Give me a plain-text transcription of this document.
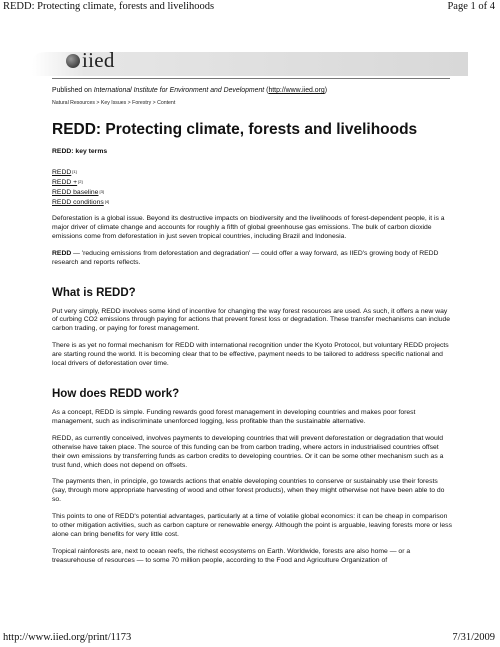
REDD: Protecting climate, forests and livelihoods	Page 1 of 4
iied

Published on International Institute for Environment and Development (http://www.iied.org)

Natural Resources > Key Issues > Forestry > Content
REDD: Protecting climate, forests and livelihoods
REDD: key terms
REDD[1]
REDD +[2]
REDD baseline[3]
REDD conditions[4]

Deforestation is a global issue. Beyond its destructive impacts on biodiversity and the livelihoods of forest-dependent people, it is a major driver of climate change and accounts for roughly a fifth of global greenhouse gas emissions. The bulk of carbon dioxide emissions come from deforestation in just seven tropical countries, including Brazil and Indonesia.

REDD — 'reducing emissions from deforestation and degradation' — could offer a way forward, as IIED's growing body of REDD research and reports reflects.

What is REDD?

Put very simply, REDD involves some kind of incentive for changing the way forest resources are used. As such, it offers a new way of curbing CO2 emissions through paying for actions that prevent forest loss or degradation. These transfer mechanisms can include carbon trading, or paying for forest management.

There is as yet no formal mechanism for REDD with international recognition under the Kyoto Protocol, but voluntary REDD projects are starting round the world. It is becoming clear that to be effective, payment needs to be tailored to address specific national and local drivers of deforestation over time.

How does REDD work?

As a concept, REDD is simple. Funding rewards good forest management in developing countries and makes poor forest management, such as indiscriminate unenforced logging, less profitable than the sustainable alternative.

REDD, as currently conceived, involves payments to developing countries that will prevent deforestation or degradation that would otherwise have taken place. The source of this funding can be from carbon trading, where actors in industrialised countries offset their own emissions by transferring funds as carbon credits to developing countries. Or it can be some other mechanism such as a trust fund, which does not depend on offsets.

The payments then, in principle, go towards actions that enable developing countries to conserve or sustainably use their forests (say, through more appropriate harvesting of wood and other forest products), when they might otherwise not have been able to do so.

This points to one of REDD's potential advantages, particularly at a time of volatile global economics: it can be cheap in comparison to other mitigation activities, such as carbon capture or renewable energy. Although the point is arguable, leaving forests more or less alone can bring benefits for very little cost.

Tropical rainforests are, next to ocean reefs, the richest ecosystems on Earth. Worldwide, forests are also home — or a treasurehouse of resources — to some 70 million people, according to the Food and Agriculture Organization of

http://www.iied.org/print/1173	7/31/2009
